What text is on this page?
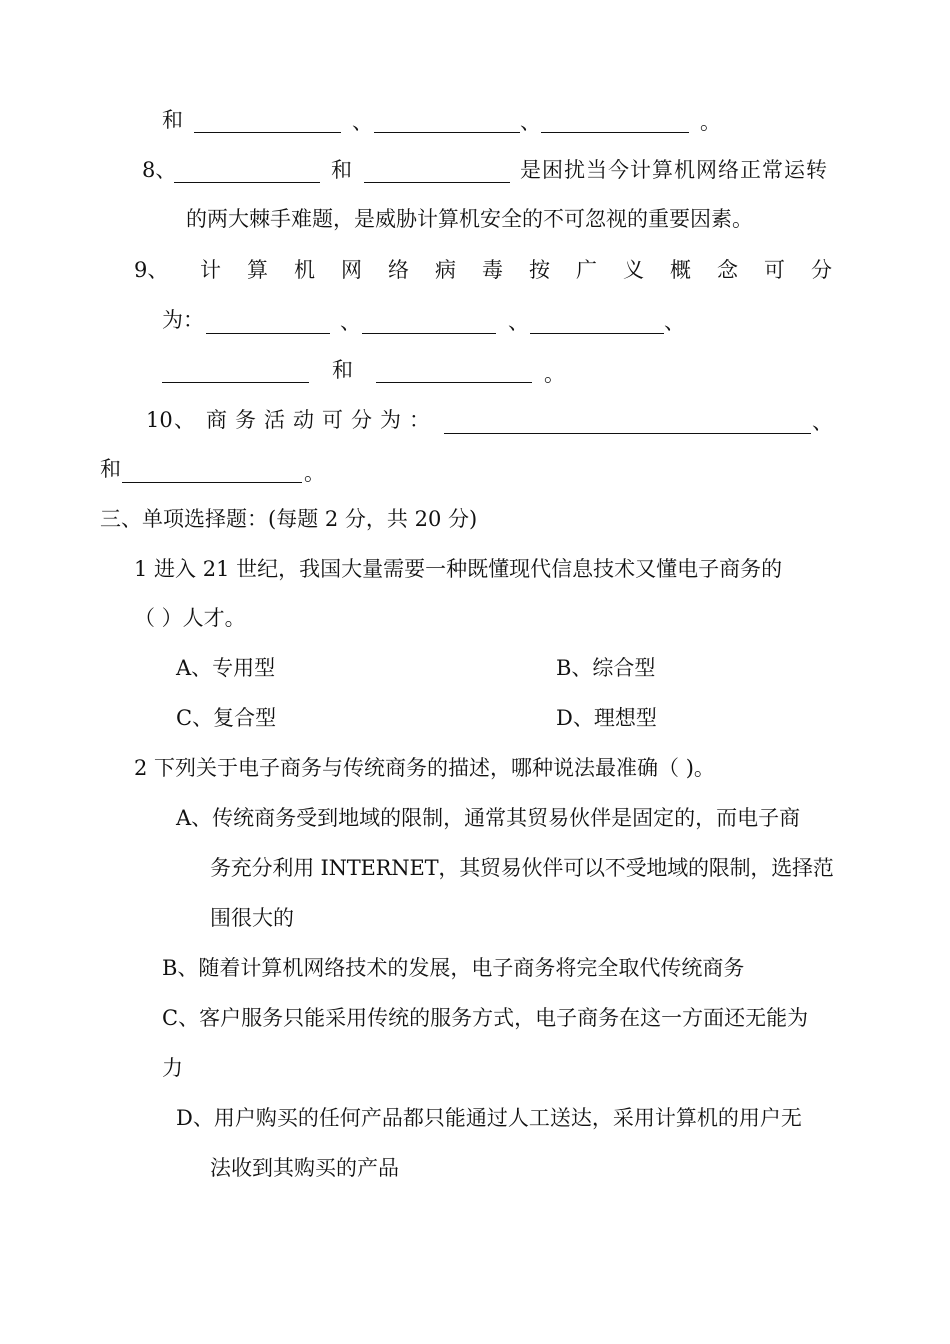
和	、	、	。
8、	和	是困扰当今计算机网络正常运转
的两大棘手难题，是威胁计算机安全的不可忽视的重要因素。
9、 计 算 机 网 络 病 毒 按 广 义 概 念 可 分
为：	、	、	、
和	。
10 、 商 务 活 动 可 分 为 ：	、
和	。
三、单项选择题：(每题 2 分，共 20 分)
1 进入 21 世纪，我国大量需要一种既懂现代信息技术又懂电子商务的
（ ）人才。
A、专用型	B、综合型
C、复合型	D、理想型
2 下列关于电子商务与传统商务的描述，哪种说法最准确（ )。
A、传统商务受到地域的限制，通常其贸易伙伴是固定的，而电子商
务充分利用 INTERNET，其贸易伙伴可以不受地域的限制，选择范
围很大的
B、随着计算机网络技术的发展，电子商务将完全取代传统商务
C、客户服务只能采用传统的服务方式，电子商务在这一方面还无能为
力
D、用户购买的任何产品都只能通过人工送达，采用计算机的用户无
法收到其购买的产品
